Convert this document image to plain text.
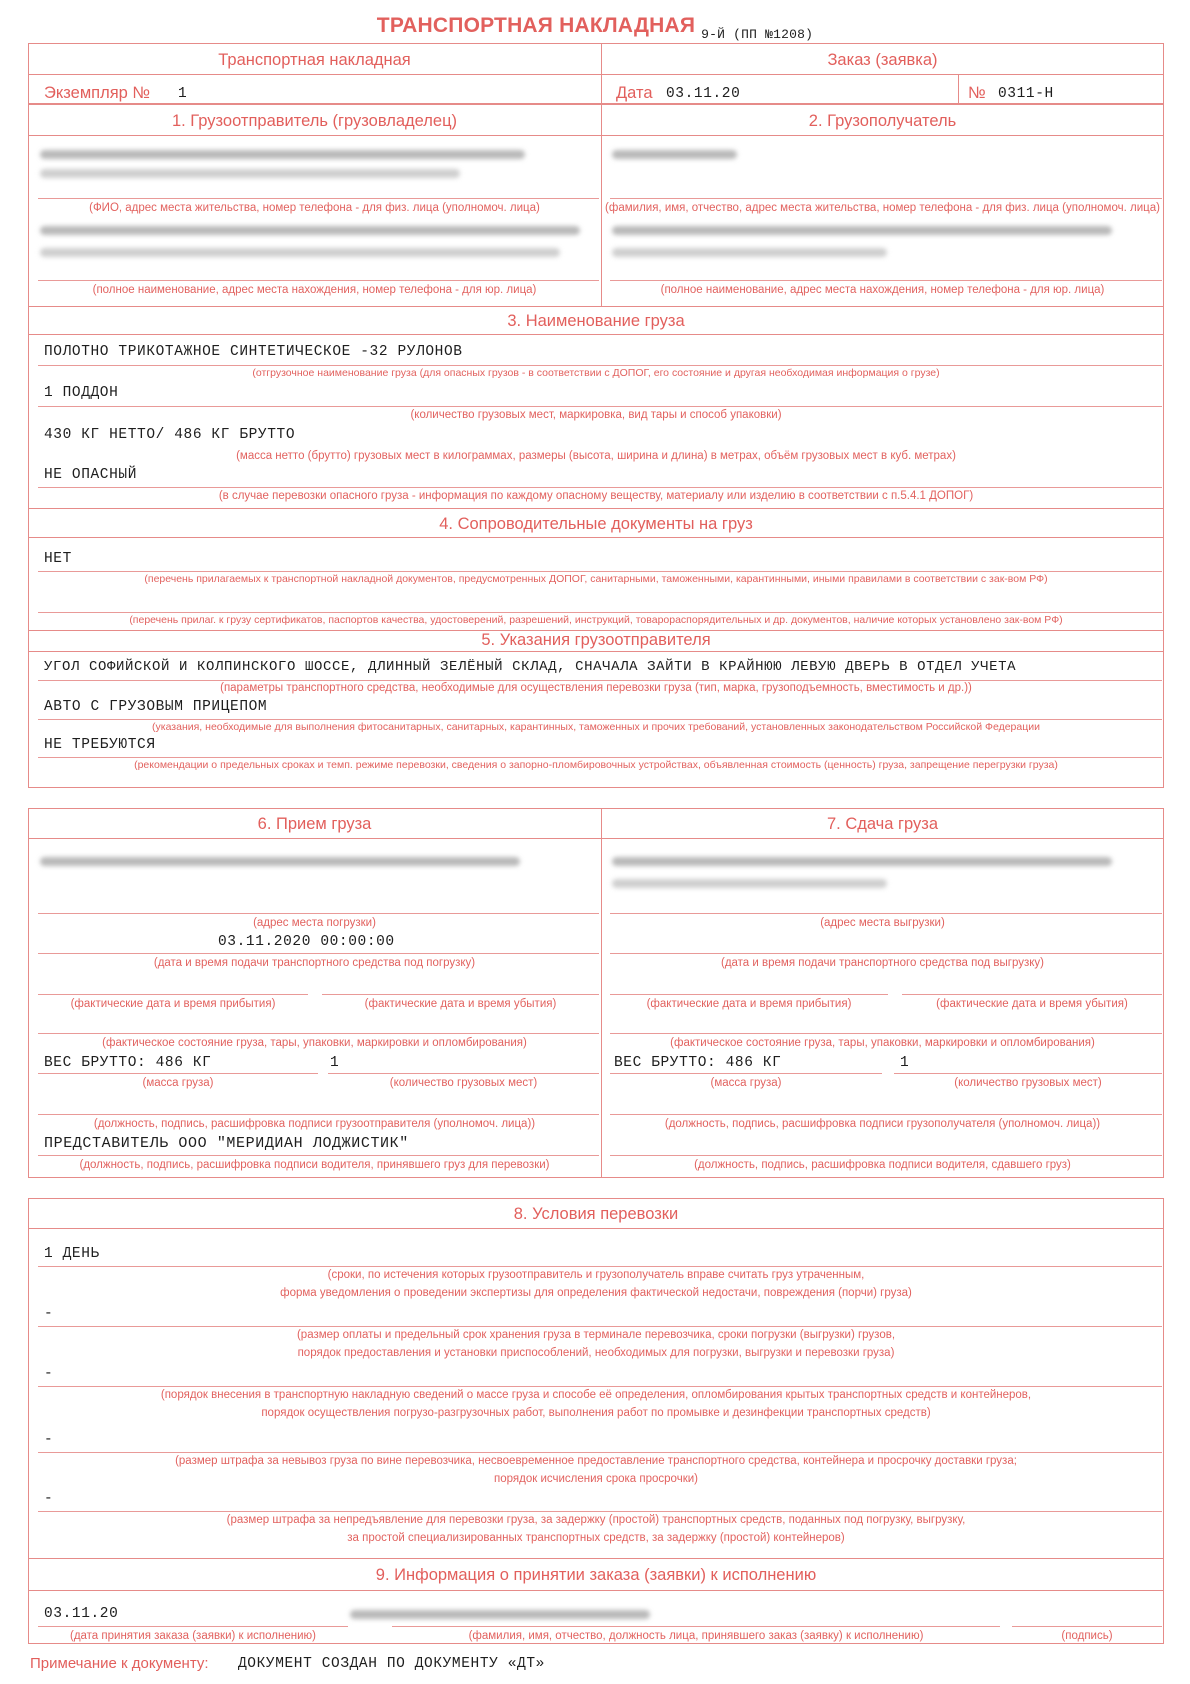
ТРАНСПОРТНАЯ НАКЛАДНАЯ $_{9-Й (ПП №1208)}$
Транспортная накладная	Заказ (заявка)
Экземпляр № 1	Дата 03.11.20	№ 0311-Н
1. Грузоотправитель (грузовладелец)	2. Грузополучатель
(ФИО, адрес места жительства, номер телефона - для физ. лица (уполномоч. лица)
(полное наименование, адрес места нахождения, номер телефона - для юр. лица)
(фамилия, имя, отчество, адрес места жительства, номер телефона - для физ. лица (уполномоч. лица)
(полное наименование, адрес места нахождения, номер телефона - для юр. лица)
3. Наименование груза
ПОЛОТНО ТРИКОТАЖНОЕ СИНТЕТИЧЕСКОЕ -32 РУЛОНОВ
(отгрузочное наименование груза (для опасных грузов - в соответствии с ДОПОГ, его состояние и другая необходимая информация о грузе)
1 ПОДДОН
(количество грузовых мест, маркировка, вид тары и способ упаковки)
430 КГ НЕТТО/ 486 КГ БРУТТО
(масса нетто (брутто) грузовых мест в килограммах, размеры (высота, ширина и длина) в метрах, объём грузовых мест в куб. метрах)
НЕ ОПАСНЫЙ
(в случае перевозки опасного груза - информация по каждому опасному веществу, материалу или изделию в соответствии с п.5.4.1 ДОПОГ)
4. Сопроводительные документы на груз
НЕТ
(перечень прилагаемых к транспортной накладной документов, предусмотренных ДОПОГ, санитарными, таможенными, карантинными, иными правилами в соответствии с зак-вом РФ)
(перечень прилаг. к грузу сертификатов, паспортов качества, удостоверений, разрешений, инструкций, товарораспорядительных и др. документов, наличие которых установлено зак-вом РФ)
5. Указания грузоотправителя
УГОЛ СОФИЙСКОЙ И КОЛПИНСКОГО ШОССЕ, ДЛИННЫЙ ЗЕЛЁНЫЙ СКЛАД, СНАЧАЛА ЗАЙТИ В КРАЙНЮЮ ЛЕВУЮ ДВЕРЬ В ОТДЕЛ УЧЕТА
(параметры транспортного средства, необходимые для осуществления перевозки груза (тип, марка, грузоподъемность, вместимость и др.))
АВТО С ГРУЗОВЫМ ПРИЦЕПОМ
(указания, необходимые для выполнения фитосанитарных, санитарных, карантинных, таможенных и прочих требований, установленных законодательством Российской Федерации
НЕ ТРЕБУЮТСЯ
(рекомендации о предельных сроках и темп. режиме перевозки, сведения о запорно-пломбировочных устройствах, объявленная стоимость (ценность) груза, запрещение перегрузки груза)
6. Прием груза	7. Сдача груза
(адрес места погрузки)
03.11.2020 00:00:00
(дата и время подачи транспортного средства под погрузку)
(фактические дата и время прибытия)	(фактические дата и время убытия)
(фактическое состояние груза, тары, упаковки, маркировки и опломбирования)
ВЕС БРУТТО: 486 КГ	1
(масса груза)	(количество грузовых мест)
(должность, подпись, расшифровка подписи грузоотправителя (уполномоч. лица))
ПРЕДСТАВИТЕЛЬ ООО "МЕРИДИАН ЛОДЖИСТИК"
(должность, подпись, расшифровка подписи водителя, принявшего груз для перевозки)
(адрес места выгрузки)
(дата и время подачи транспортного средства под выгрузку)
(фактические дата и время прибытия)	(фактические дата и время убытия)
(фактическое состояние груза, тары, упаковки, маркировки и опломбирования)
ВЕС БРУТТО: 486 КГ	1
(масса груза)	(количество грузовых мест)
(должность, подпись, расшифровка подписи грузополучателя (уполномоч. лица))
(должность, подпись, расшифровка подписи водителя, сдавшего груз)
8. Условия перевозки
1 ДЕНЬ
(сроки, по истечения которых грузоотправитель и грузополучатель вправе считать груз утраченным,
форма уведомления о проведении экспертизы для определения фактической недостачи, повреждения (порчи) груза)
-
(размер оплаты и предельный срок хранения груза в терминале перевозчика, сроки погрузки (выгрузки) грузов,
порядок предоставления и установки приспособлений, необходимых для погрузки, выгрузки и перевозки груза)
-
(порядок внесения в транспортную накладную сведений о массе груза и способе её определения, опломбирования крытых транспортных средств и контейнеров,
порядок осуществления погрузо-разгрузочных работ, выполнения работ по промывке и дезинфекции транспортных средств)
-
(размер штрафа за невывоз груза по вине перевозчика, несвоевременное предоставление транспортного средства, контейнера и просрочку доставки груза;
порядок исчисления срока просрочки)
-
(размер штрафа за непредъявление для перевозки груза, за задержку (простой) транспортных средств, поданных под погрузку, выгрузку,
за простой специализированных транспортных средств, за задержку (простой) контейнеров)
9. Информация о принятии заказа (заявки) к исполнению
03.11.20
(дата принятия заказа (заявки) к исполнению)	(фамилия, имя, отчество, должность лица, принявшего заказ (заявку) к исполнению)	(подпись)
Примечание к документу: ДОКУМЕНТ СОЗДАН ПО ДОКУМЕНТУ «ДТ»
